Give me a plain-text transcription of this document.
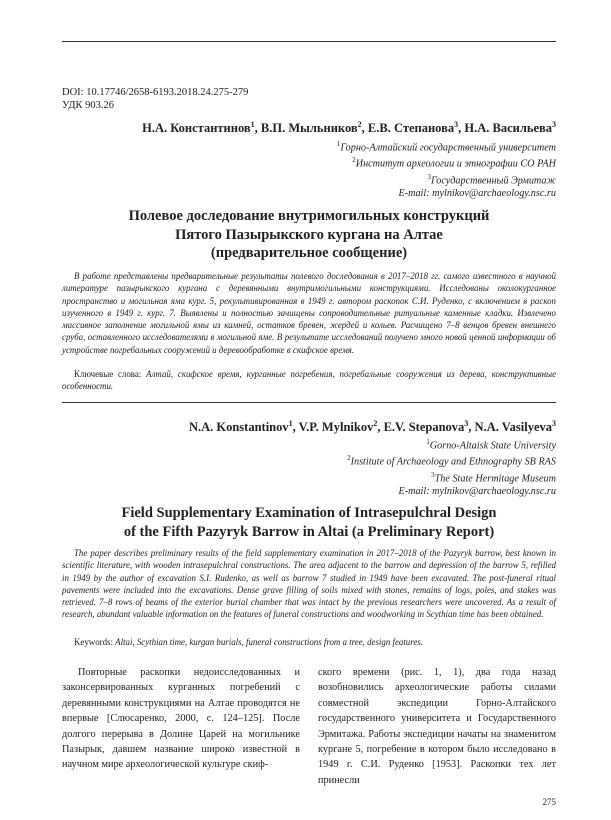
DOI: 10.17746/2658-6193.2018.24.275-279
УДК 903.26
Н.А. Константинов$^1$, В.П. Мыльников$^2$, Е.В. Степанова$^3$, Н.А. Васильева$^3$
$^1$Горно-Алтайский государственный университет
$^2$Институт археологии и этнографии СО РАН
$^3$Государственный Эрмитаж
E-mail: mylnikov@archaeology.nsc.ru
Полевое доследование внутримогильных конструкций
Пятого Пазырыкского кургана на Алтае
(предварительное сообщение)

В работе представлены предварительные результаты полевого доследования в 2017–2018 гг. самого известного в научной литературе пазырыкского кургана с деревянными внутримогильными конструкциями. Исследованы околокурганное пространство и могильная яма кург. 5, рекультивированная в 1949 г. автором раскопок С.И. Руденко, с включением в раскоп изученного в 1949 г. кург. 7. Выявлены и полностью зачищены сопроводительные ритуальные каменные кладки. Извлечено массивное заполнение могильной ямы из камней, остатков бревен, жердей и кольев. Расчищено 7–8 венцов бревен внешнего сруба, оставленного исследователями в могильной яме. В результате исследований получено много новой ценной информации об устройстве погребальных сооружений и деревообработке в скифское время.

Ключевые слова: Алтай, скифское время, курганные погребения, погребальные сооружения из дерева, конструктивные особенности.

N.A. Konstantinov$^1$, V.P. Mylnikov$^2$, E.V. Stepanova$^3$, N.A. Vasilyeva$^3$
$^1$Gorno-Altaisk State University
$^2$Institute of Archaeology and Ethnography SB RAS
$^3$The State Hermitage Museum
E-mail: mylnikov@archaeology.nsc.ru
Field Supplementary Examination of Intrasepulchral Design
of the Fifth Pazyryk Barrow in Altai (a Preliminary Report)

The paper describes preliminary results of the field supplementary examination in 2017–2018 of the Pazyryk barrow, best known in scientific literature, with wooden intrasepulchral constructions. The area adjacent to the barrow and depression of the barrow 5, refilled in 1949 by the author of excavation S.I. Rudenko, as well as barrow 7 studied in 1949 have been excavated. The post-funeral ritual pavements were included into the excavations. Dense grave filling of soils mixed with stones, remains of logs, poles, and stakes was retrieved. 7–8 rows of beams of the exterior burial chamber that was intact by the previous researchers were uncovered. As a result of research, abundant valuable information on the features of funeral constructions and woodworking in Scythian time has been obtained.

Keywords: Altai, Scythian time, kurgan burials, funeral constructions from a tree, design features.

Повторные раскопки недоисследованных и законсервированных курганных погребений с деревянными конструкциями на Алтае проводятся не впервые [Слюсаренко, 2000, с. 124–125]. После долгого перерыва в Долине Царей на могильнике Пазырык, давшем название широко известной в научном мире археологической культуре скиф-

ского времени (рис. 1, 1), два года назад возобновились археологические работы силами совместной экспедиции Горно-Алтайского государственного университета и Государственного Эрмитажа. Работы экспедиции начаты на знаменитом кургане 5, погребение в котором было исследовано в 1949 г. С.И. Руденко [1953]. Раскопки тех лет принесли

275
